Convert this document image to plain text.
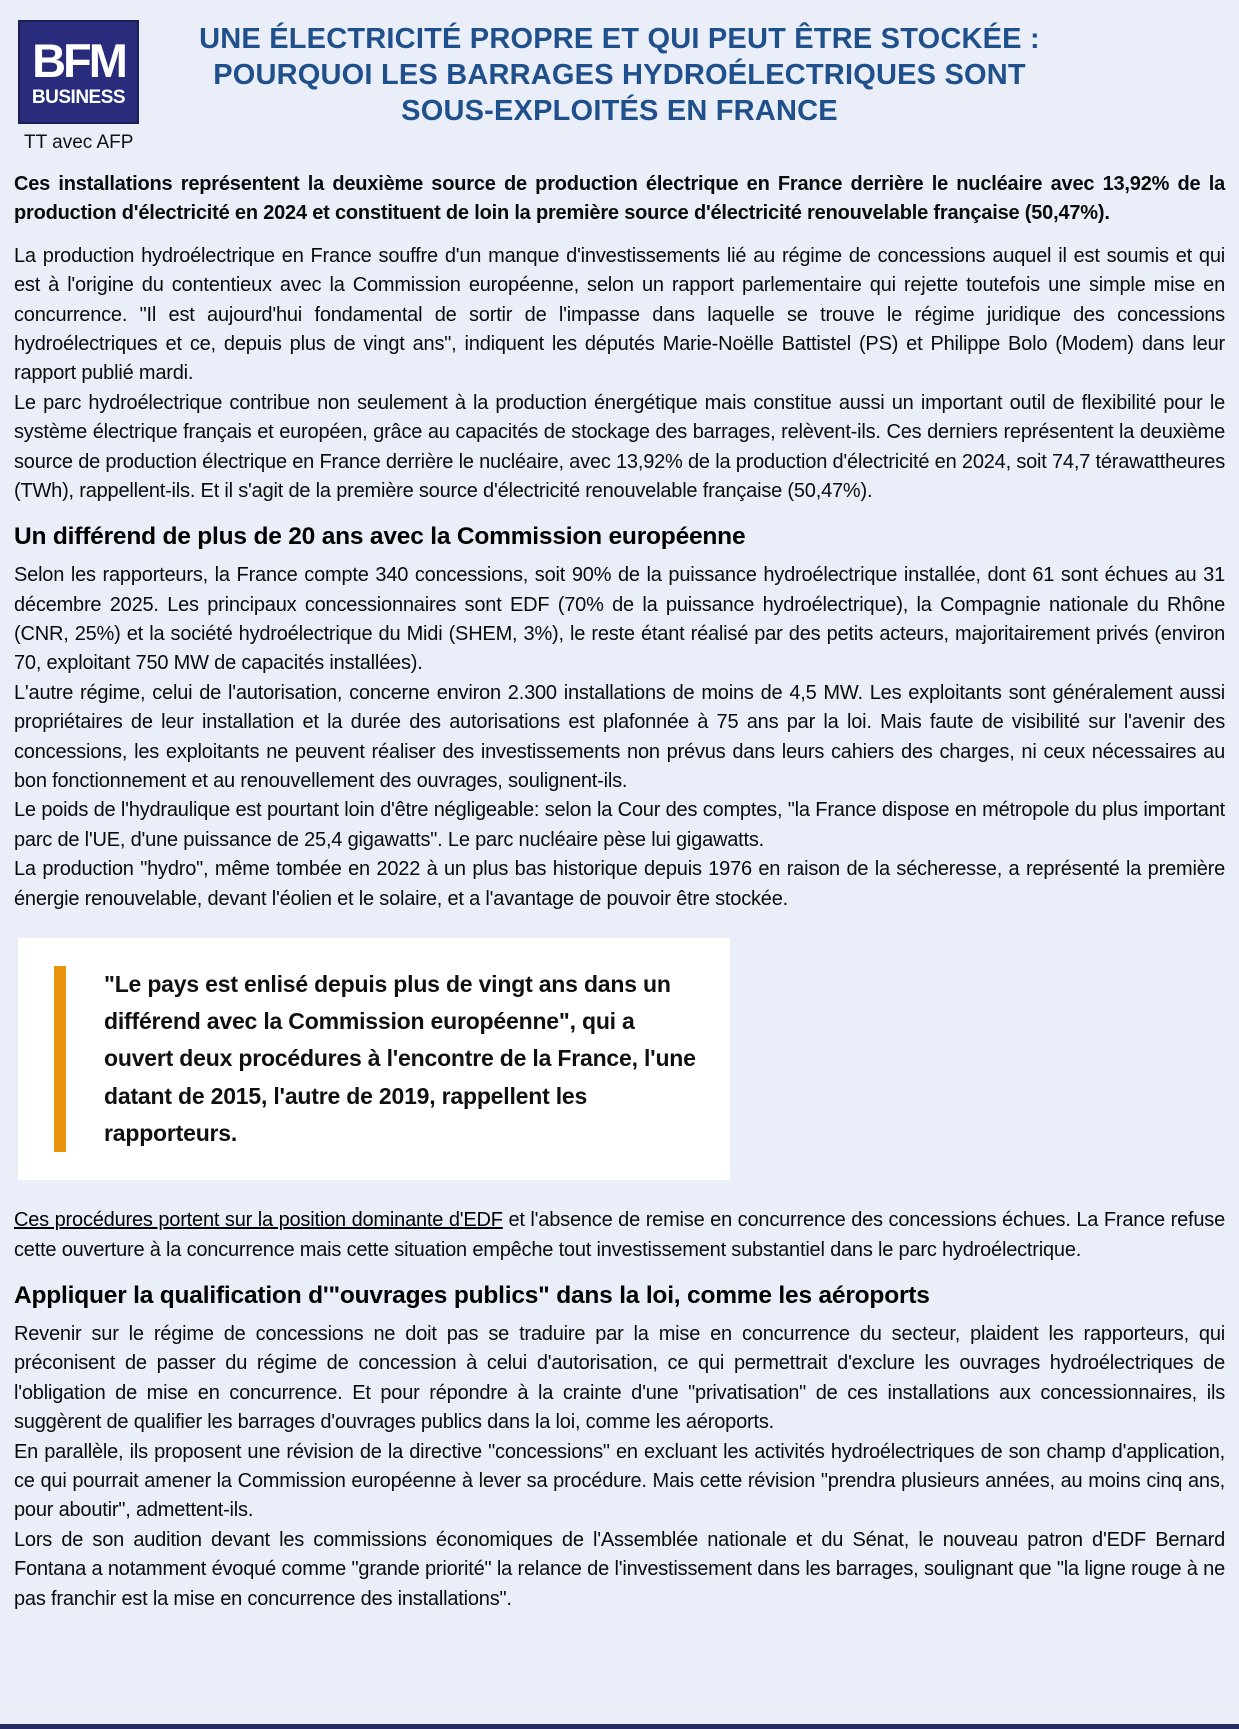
BFM
BUSINESS
TT avec AFP
UNE ÉLECTRICITÉ PROPRE ET QUI PEUT ÊTRE STOCKÉE : POURQUOI LES BARRAGES HYDROÉLECTRIQUES SONT SOUS-EXPLOITÉS EN FRANCE

Ces installations représentent la deuxième source de production électrique en France derrière le nucléaire avec 13,92% de la production d'électricité en 2024 et constituent de loin la première source d'électricité renouvelable française (50,47%).

La production hydroélectrique en France souffre d'un manque d'investissements lié au régime de concessions auquel il est soumis et qui est à l'origine du contentieux avec la Commission européenne, selon un rapport parlementaire qui rejette toutefois une simple mise en concurrence. "Il est aujourd'hui fondamental de sortir de l'impasse dans laquelle se trouve le régime juridique des concessions hydroélectriques et ce, depuis plus de vingt ans", indiquent les députés Marie-Noëlle Battistel (PS) et Philippe Bolo (Modem) dans leur rapport publié mardi.

Le parc hydroélectrique contribue non seulement à la production énergétique mais constitue aussi un important outil de flexibilité pour le système électrique français et européen, grâce au capacités de stockage des barrages, relèvent-ils. Ces derniers représentent la deuxième source de production électrique en France derrière le nucléaire, avec 13,92% de la production d'électricité en 2024, soit 74,7 térawattheures (TWh), rappellent-ils. Et il s'agit de la première source d'électricité renouvelable française (50,47%).

Un différend de plus de 20 ans avec la Commission européenne

Selon les rapporteurs, la France compte 340 concessions, soit 90% de la puissance hydroélectrique installée, dont 61 sont échues au 31 décembre 2025. Les principaux concessionnaires sont EDF (70% de la puissance hydroélectrique), la Compagnie nationale du Rhône (CNR, 25%) et la société hydroélectrique du Midi (SHEM, 3%), le reste étant réalisé par des petits acteurs, majoritairement privés (environ 70, exploitant 750 MW de capacités installées).

L'autre régime, celui de l'autorisation, concerne environ 2.300 installations de moins de 4,5 MW. Les exploitants sont généralement aussi propriétaires de leur installation et la durée des autorisations est plafonnée à 75 ans par la loi. Mais faute de visibilité sur l'avenir des concessions, les exploitants ne peuvent réaliser des investissements non prévus dans leurs cahiers des charges, ni ceux nécessaires au bon fonctionnement et au renouvellement des ouvrages, soulignent-ils.

Le poids de l'hydraulique est pourtant loin d'être négligeable: selon la Cour des comptes, "la France dispose en métropole du plus important parc de l'UE, d'une puissance de 25,4 gigawatts". Le parc nucléaire pèse lui gigawatts.

La production "hydro", même tombée en 2022 à un plus bas historique depuis 1976 en raison de la sécheresse, a représenté la première énergie renouvelable, devant l'éolien et le solaire, et a l'avantage de pouvoir être stockée.

"Le pays est enlisé depuis plus de vingt ans dans un différend avec la Commission européenne", qui a ouvert deux procédures à l'encontre de la France, l'une datant de 2015, l'autre de 2019, rappellent les rapporteurs.

Ces procédures portent sur la position dominante d'EDF et l'absence de remise en concurrence des concessions échues. La France refuse cette ouverture à la concurrence mais cette situation empêche tout investissement substantiel dans le parc hydroélectrique.

Appliquer la qualification d'"ouvrages publics" dans la loi, comme les aéroports

Revenir sur le régime de concessions ne doit pas se traduire par la mise en concurrence du secteur, plaident les rapporteurs, qui préconisent de passer du régime de concession à celui d'autorisation, ce qui permettrait d'exclure les ouvrages hydroélectriques de l'obligation de mise en concurrence. Et pour répondre à la crainte d'une "privatisation" de ces installations aux concessionnaires, ils suggèrent de qualifier les barrages d'ouvrages publics dans la loi, comme les aéroports.

En parallèle, ils proposent une révision de la directive "concessions" en excluant les activités hydroélectriques de son champ d'application, ce qui pourrait amener la Commission européenne à lever sa procédure. Mais cette révision "prendra plusieurs années, au moins cinq ans, pour aboutir", admettent-ils.

Lors de son audition devant les commissions économiques de l'Assemblée nationale et du Sénat, le nouveau patron d'EDF Bernard Fontana a notamment évoqué comme "grande priorité" la relance de l'investissement dans les barrages, soulignant que "la ligne rouge à ne pas franchir est la mise en concurrence des installations".
